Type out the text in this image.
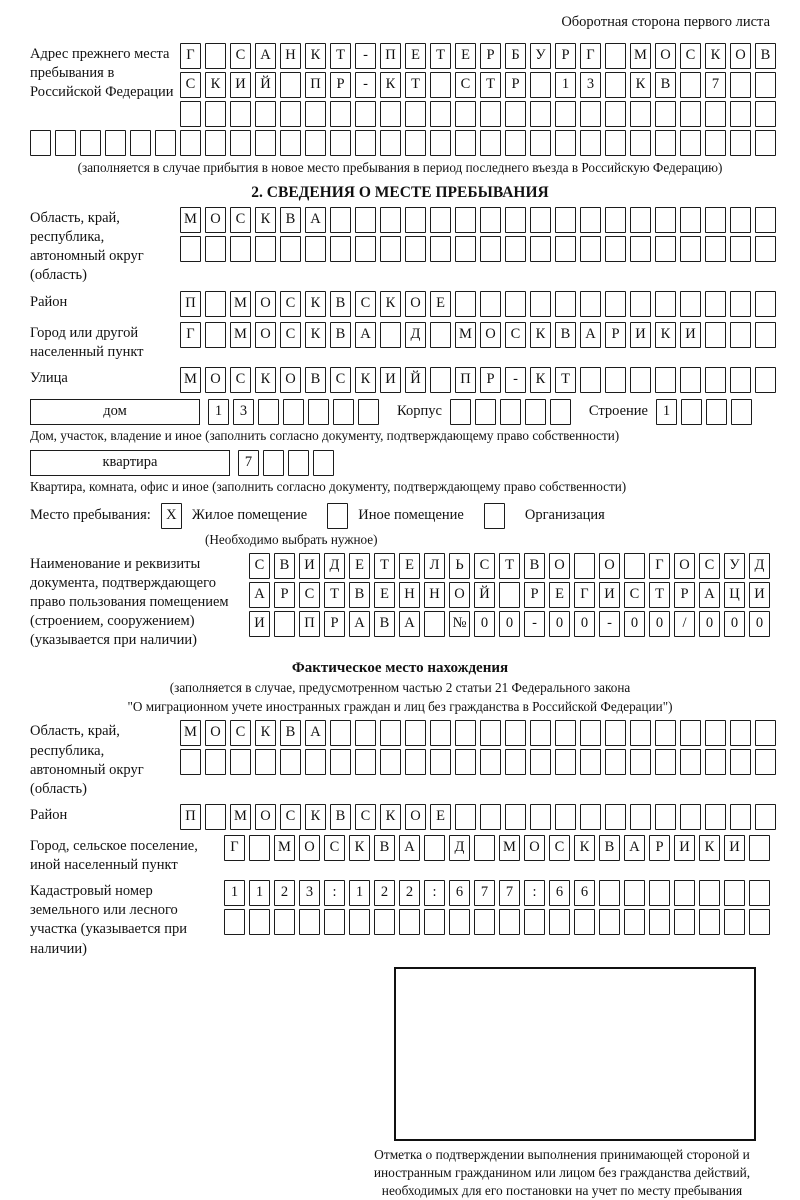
Оборотная сторона первого листа
Адрес прежнего места пребывания в Российской Федерации
Г	С	А	Н	К	Т	-	П	Е	Т	Е	Р	Б	У	Р	Г	М О	С	К	О	В
С	К	И	Й	П	Р	-	К	Т	С	Т	Р	1	3	К	В	7
(заполняется в случае прибытия в новое место пребывания в период последнего въезда в Российскую Федерацию)
2. СВЕДЕНИЯ О МЕСТЕ ПРЕБЫВАНИЯ
Область, край, республика, автономный округ (область)
М О	С	К	В	А
Район	П	М О	С	К	В	С	К	О	Е
Город или другой населенный пункт
Г	М О	С	К	В	А	Д	М О	С	К	В	А	Р	И	К	И
Улица	М О	С	К	О	В	С	К	И	Й	П	Р	-	К	Т
дом	1	3	Корпус	Строение	1
Дом, участок, владение и иное (заполнить согласно документу, подтверждающему право собственности)
квартира	7
Квартира, комната, офис и иное (заполнить согласно документу, подтверждающему право собственности)
Место пребывания:	X	Жилое помещение	Иное помещение	Организация
(Необходимо выбрать нужное)
Наименование и реквизиты документа, подтверждающего право пользования помещением (строением, сооружением) (указывается при наличии)
С	В	И	Д	Е	Т	Е	Л	Ь	С	Т	В	О	О	Г	О	С	У	Д
А	Р	С	Т	В	Е	Н	Н	О	Й	Р	Е	Г	И	С	Т	Р	А	Ц	И
И	П	Р	А	В	А	№ 0	0	-	0	0	-	0	0	/	0	0	0
Фактическое место нахождения
(заполняется в случае, предусмотренном частью 2 статьи 21 Федерального закона
"О миграционном учете иностранных граждан и лиц без гражданства в Российской Федерации")
Область, край, республика, автономный округ (область)
М О	С	К	В	А
Район	П	М О	С	К	В	С	К	О	Е
Город, сельское поселение, иной населенный пункт
Г	М О	С	К	В	А	Д	М О	С	К	В	А	Р	И	К	И
Кадастровый номер земельного или лесного участка (указывается при наличии)
1	1	2	3	:	1	2	2	:	6	7	7	:	6	6
Отметка о подтверждении выполнения принимающей стороной и иностранным гражданином или лицом без гражданства действий, необходимых для его постановки на учет по месту пребывания
